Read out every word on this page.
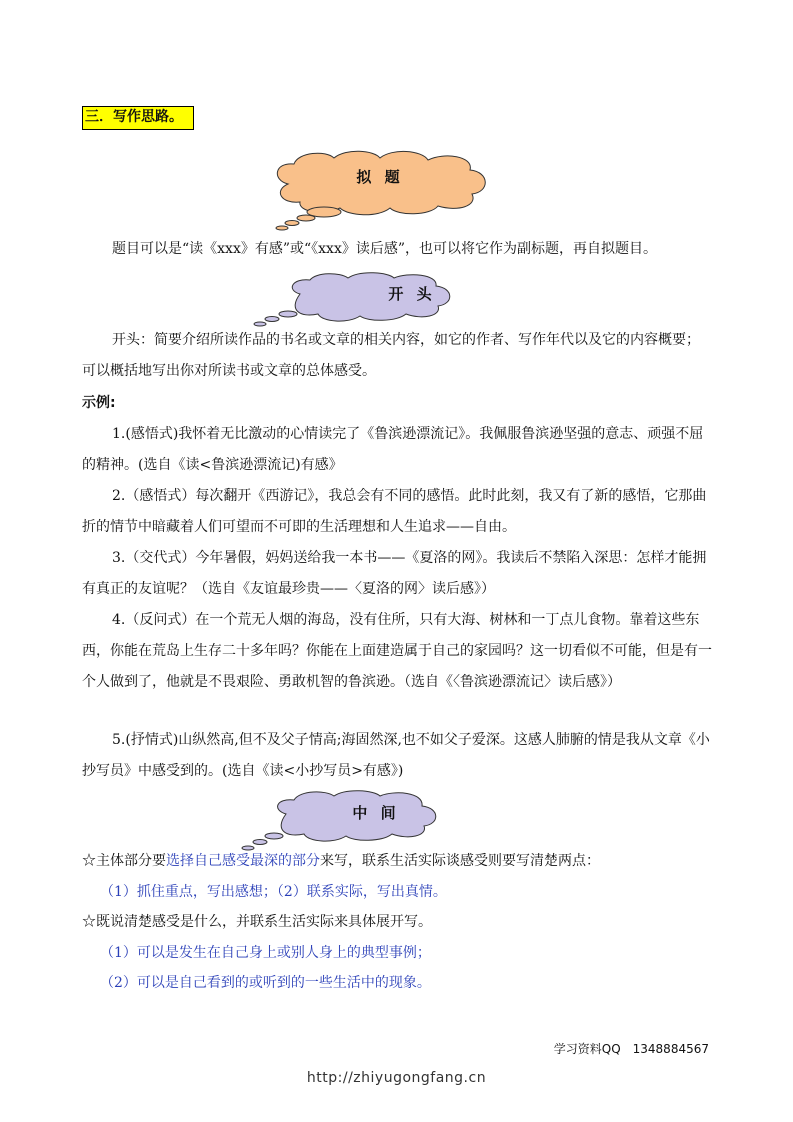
三．写作思路。
拟 题
题目可以是“读《xxx》有感”或“《xxx》读后感”，也可以将它作为副标题，再自拟题目。
开 头
开头：简要介绍所读作品的书名或文章的相关内容，如它的作者、写作年代以及它的内容概要；可以概括地写出你对所读书或文章的总体感受。
示例:
1.(感悟式)我怀着无比激动的心情读完了《鲁滨逊漂流记》。我佩服鲁滨逊坚强的意志、顽强不屈的精神。(选自《读<鲁滨逊漂流记)有感》
2.（感悟式）每次翻开《西游记》，我总会有不同的感悟。此时此刻，我又有了新的感悟，它那曲折的情节中暗藏着人们可望而不可即的生活理想和人生追求——自由。
3.（交代式）今年暑假，妈妈送给我一本书——《夏洛的网》。我读后不禁陷入深思：怎样才能拥有真正的友谊呢？（选自《友谊最珍贵——〈夏洛的网〉读后感》）
4.（反问式）在一个荒无人烟的海岛，没有住所，只有大海、树林和一丁点儿食物。靠着这些东西，你能在荒岛上生存二十多年吗？你能在上面建造属于自己的家园吗？这一切看似不可能，但是有一个人做到了，他就是不畏艰险、勇敢机智的鲁滨逊。（选自《〈鲁滨逊漂流记〉读后感》）
5.(抒情式)山纵然高,但不及父子情高;海固然深,也不如父子爱深。这感人肺腑的情是我从文章《小抄写员》中感受到的。(选自《读<小抄写员>有感》)
中 间
☆主体部分要选择自己感受最深的部分来写，联系生活实际谈感受则要写清楚两点：
（1）抓住重点，写出感想；（2）联系实际，写出真情。
☆既说清楚感受是什么，并联系生活实际来具体展开写。
（1）可以是发生在自己身上或别人身上的典型事例；
（2）可以是自己看到的或听到的一些生活中的现象。
学习资料QQ　1348884567
http://zhiyugongfang.cn
